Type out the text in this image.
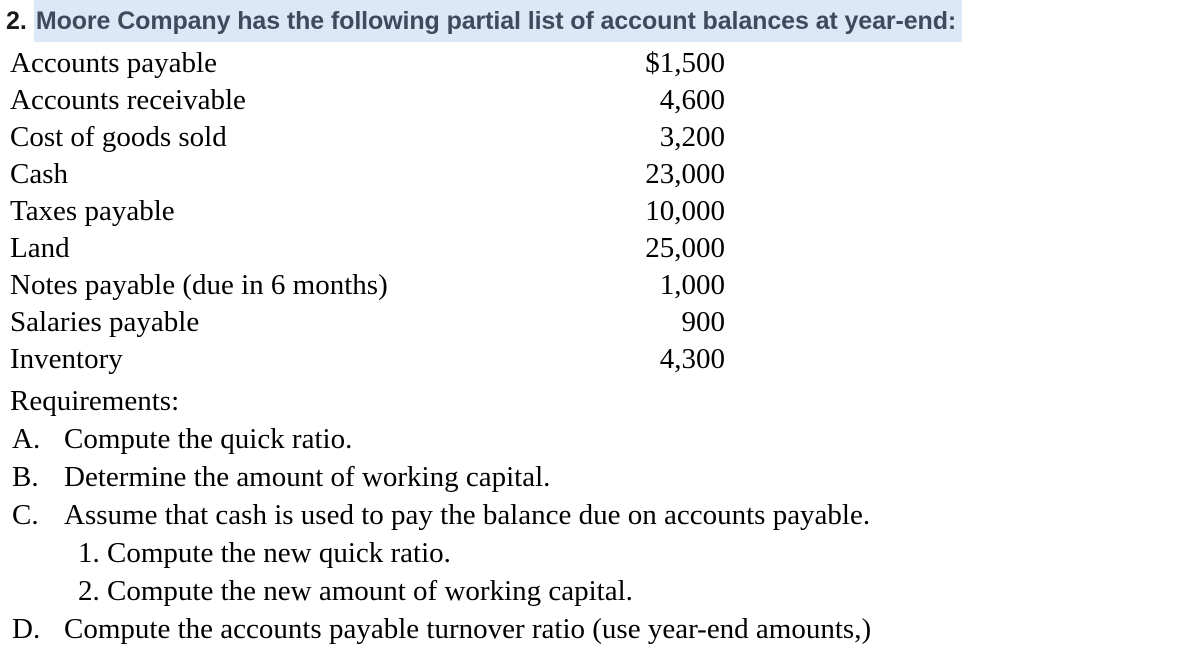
2. Moore Company has the following partial list of account balances at year-end:
Accounts payable	$1,500
Accounts receivable	4,600
Cost of goods sold	3,200
Cash	23,000
Taxes payable	10,000
Land	25,000
Notes payable (due in 6 months)	1,000
Salaries payable	900
Inventory	4,300
Requirements:
A. Compute the quick ratio.
B. Determine the amount of working capital.
C. Assume that cash is used to pay the balance due on accounts payable.
1. Compute the new quick ratio.
2. Compute the new amount of working capital.
D. Compute the accounts payable turnover ratio (use year-end amounts,)
